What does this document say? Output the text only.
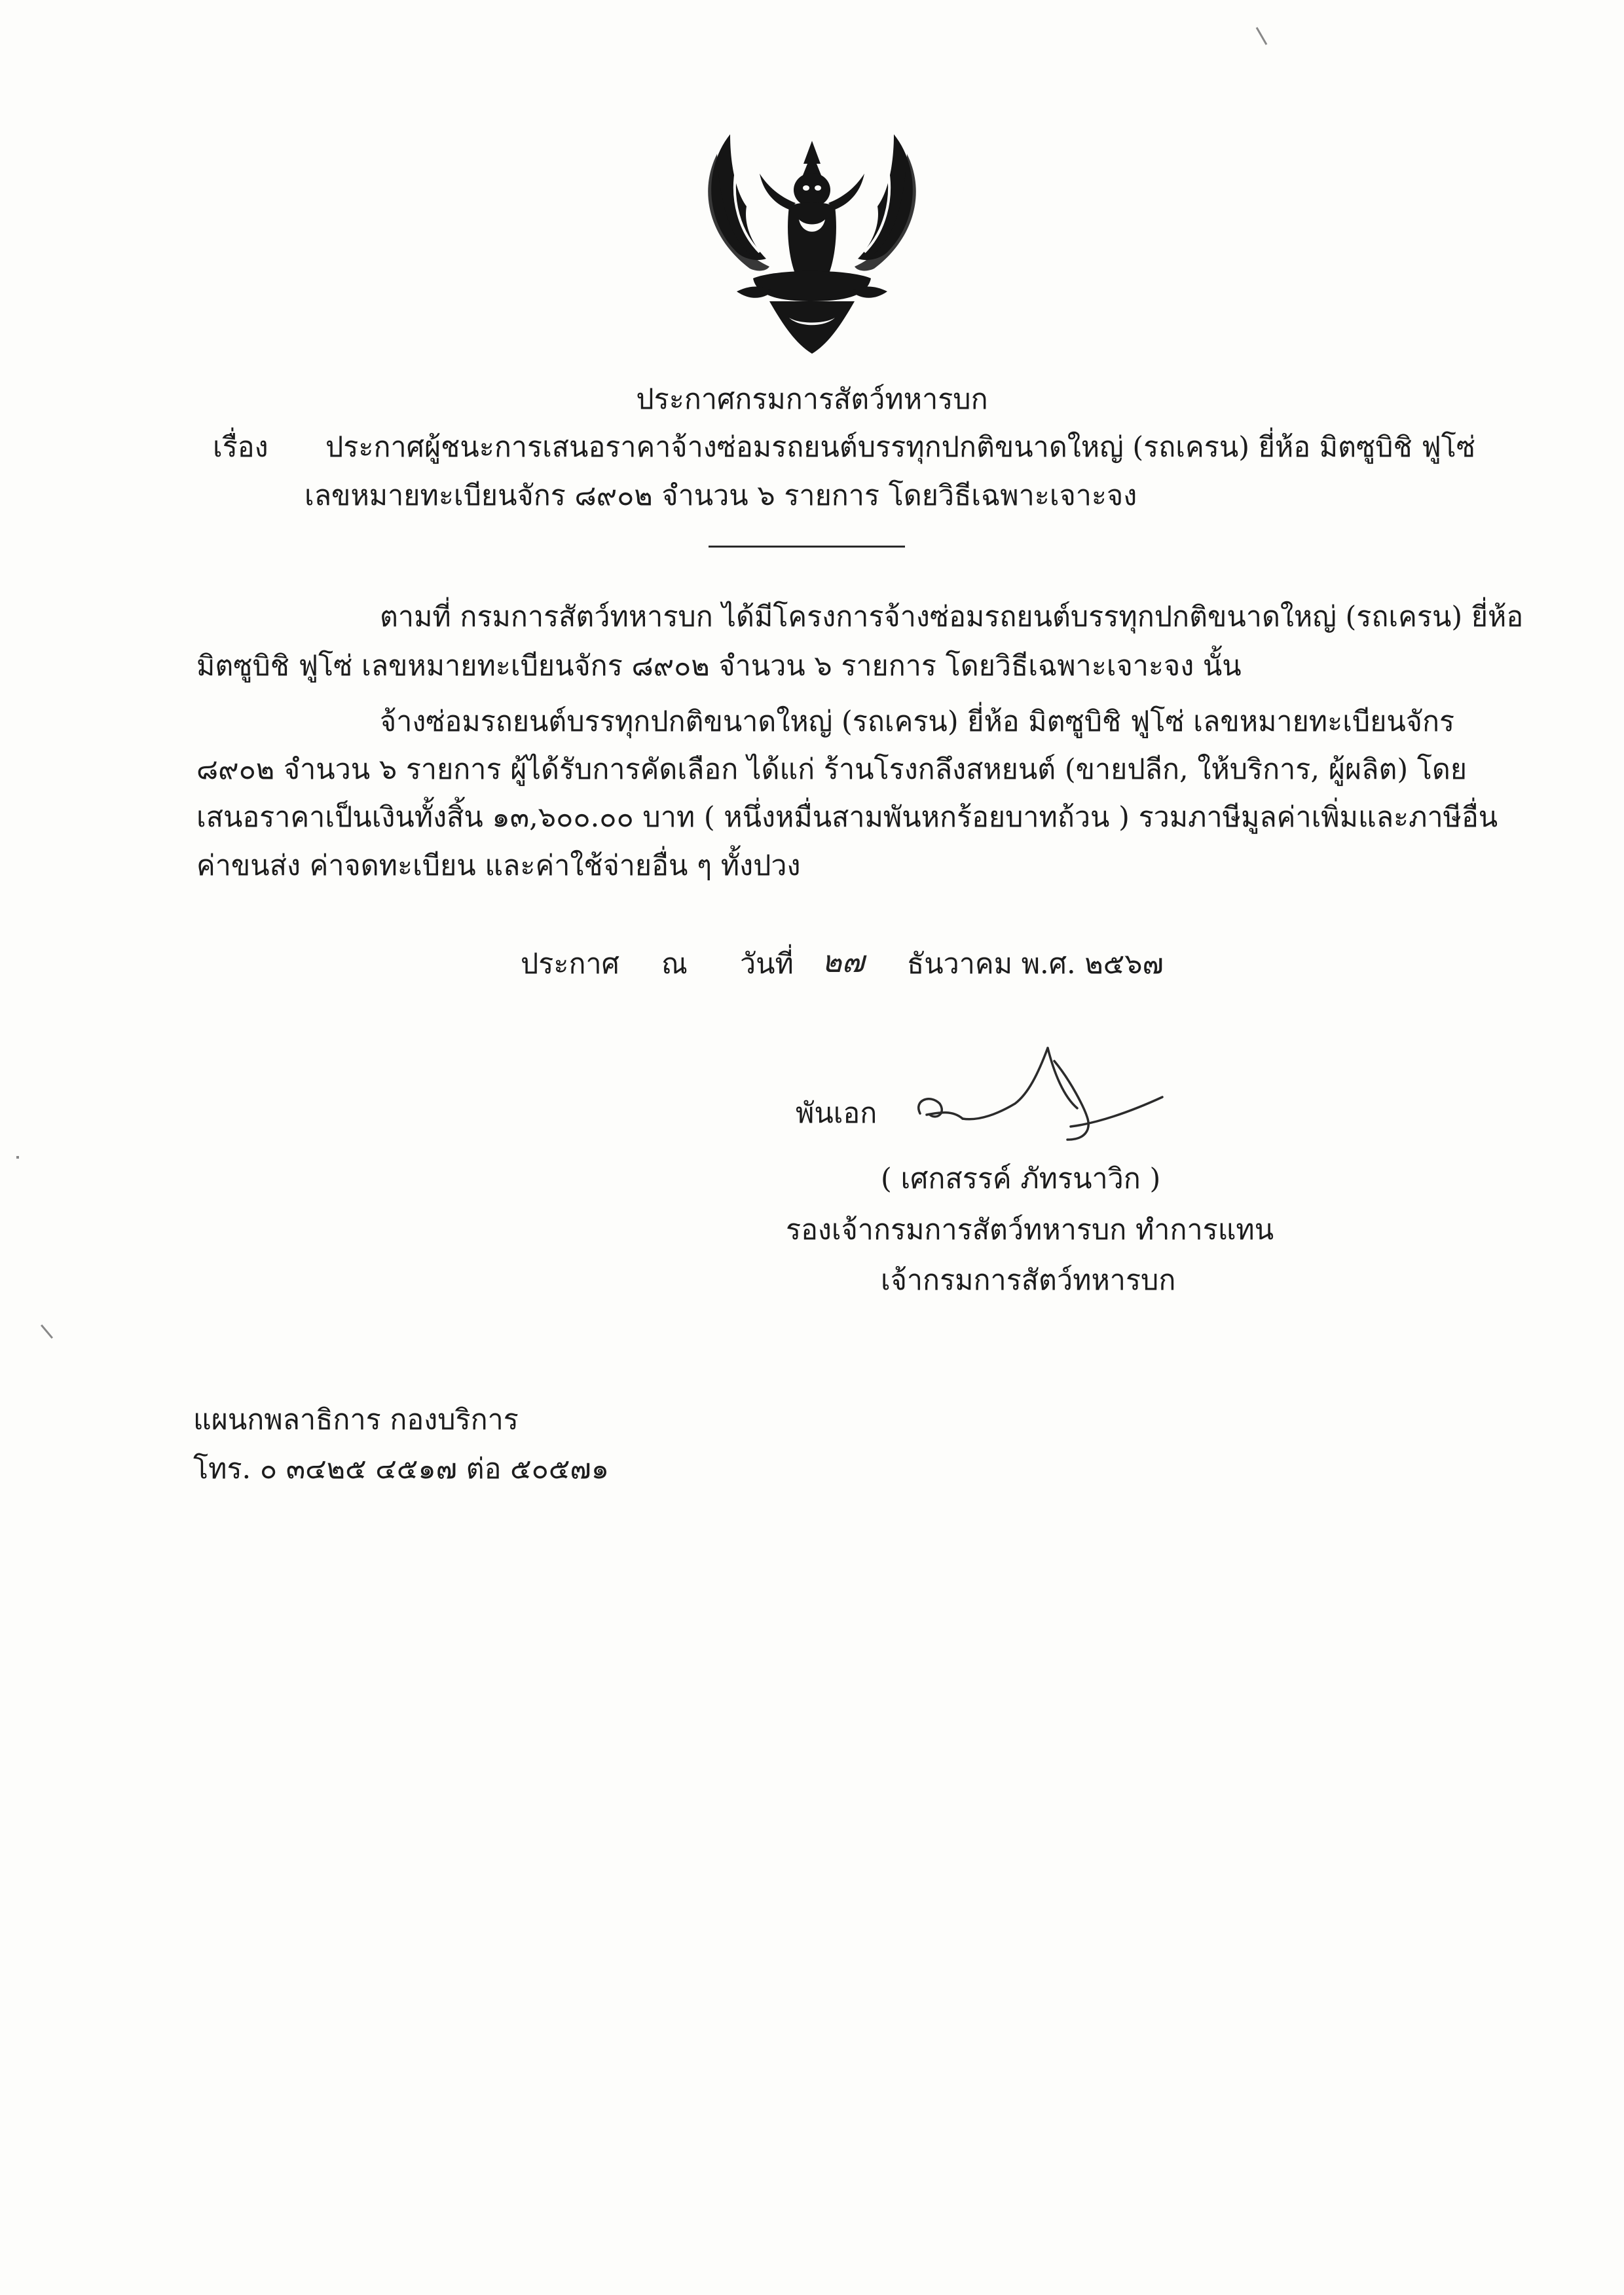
ประกาศกรมการสัตว์ทหารบก
เรื่อง ประกาศผู้ชนะการเสนอราคาจ้างซ่อมรถยนต์บรรทุกปกติขนาดใหญ่ (รถเครน) ยี่ห้อ มิตซูบิชิ ฟูโซ่
เลขหมายทะเบียนจักร ๘๙๐๒ จำนวน ๖ รายการ โดยวิธีเฉพาะเจาะจง
ตามที่ กรมการสัตว์ทหารบก ได้มีโครงการจ้างซ่อมรถยนต์บรรทุกปกติขนาดใหญ่ (รถเครน) ยี่ห้อ
มิตซูบิชิ ฟูโซ่ เลขหมายทะเบียนจักร ๘๙๐๒ จำนวน ๖ รายการ โดยวิธีเฉพาะเจาะจง นั้น
จ้างซ่อมรถยนต์บรรทุกปกติขนาดใหญ่ (รถเครน) ยี่ห้อ มิตซูบิชิ ฟูโซ่ เลขหมายทะเบียนจักร
๘๙๐๒ จำนวน ๖ รายการ ผู้ได้รับการคัดเลือก ได้แก่ ร้านโรงกลึงสหยนต์ (ขายปลีก, ให้บริการ, ผู้ผลิต) โดย
เสนอราคาเป็นเงินทั้งสิ้น ๑๓,๖๐๐.๐๐ บาท ( หนึ่งหมื่นสามพันหกร้อยบาทถ้วน ) รวมภาษีมูลค่าเพิ่มและภาษีอื่น
ค่าขนส่ง ค่าจดทะเบียน และค่าใช้จ่ายอื่น ๆ ทั้งปวง
ประกาศ ณ วันที่ ๒๗ ธันวาคม พ.ศ. ๒๕๖๗
พันเอก
( เศกสรรค์ ภัทรนาวิก )
รองเจ้ากรมการสัตว์ทหารบก ทำการแทน
เจ้ากรมการสัตว์ทหารบก
แผนกพลาธิการ กองบริการ
โทร. ๐ ๓๔๒๕ ๔๕๑๗ ต่อ ๕๐๕๗๑
